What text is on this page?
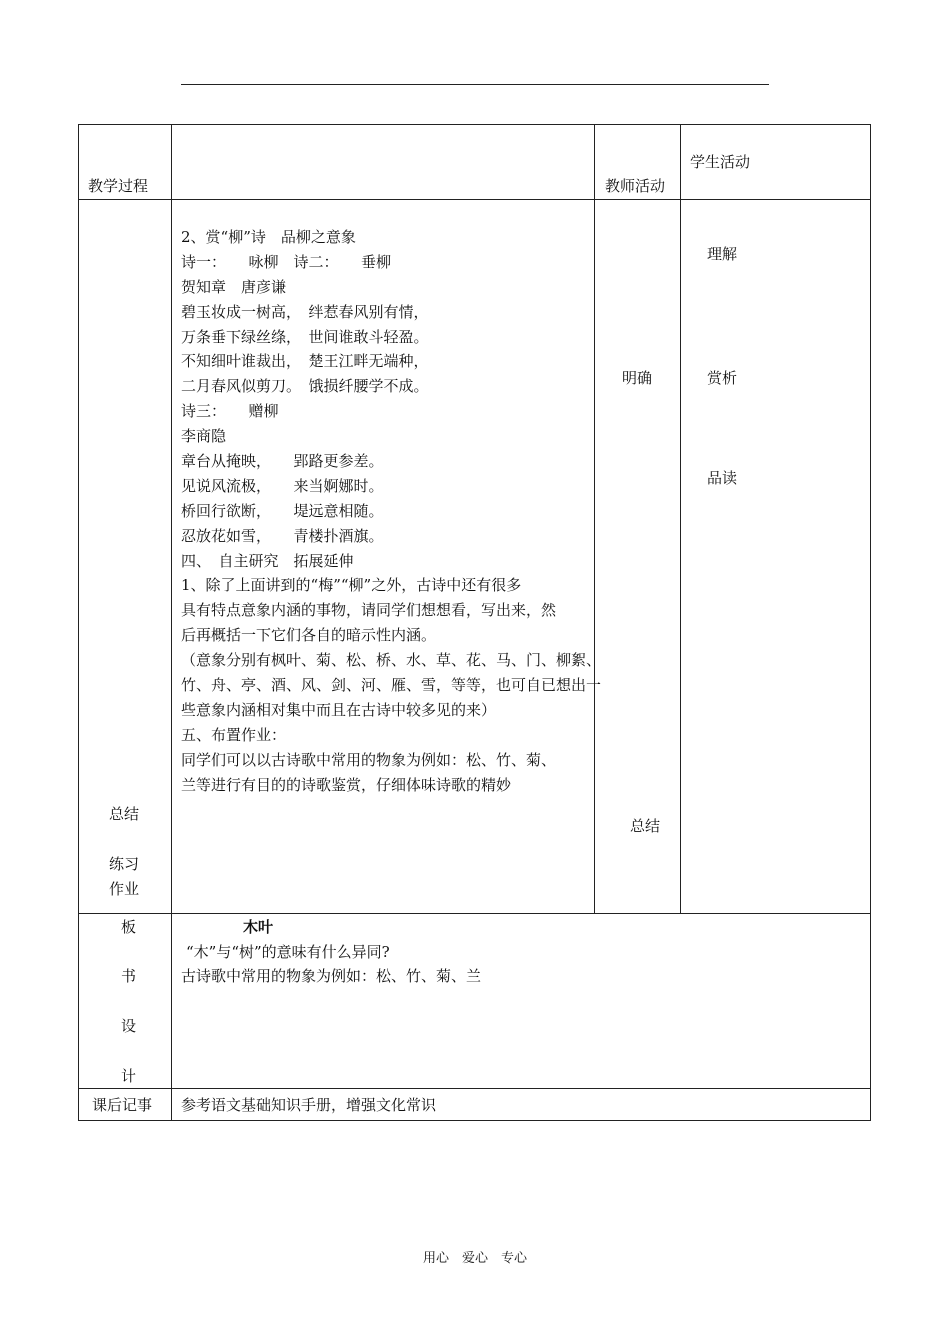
教学过程	教师活动
学生活动
总结
练习
作业
2、赏“柳”诗　品柳之意象
诗一：　　咏柳　诗二：　　垂柳
贺知章　唐彦谦
碧玉妆成一树高，　绊惹春风别有情，
万条垂下绿丝绦，　世间谁敢斗轻盈。
不知细叶谁裁出，　楚王江畔无端种，
二月春风似剪刀。　饿损纤腰学不成。
诗三：　　赠柳
李商隐
章台从掩映，　　郢路更参差。
见说风流极，　　来当婀娜时。
桥回行欲断，　　堤远意相随。
忍放花如雪，　　青楼扑酒旗。
四、　自主研究　拓展延伸
1、除了上面讲到的“梅”“柳”之外，古诗中还有很多
具有特点意象内涵的事物，请同学们想想看，写出来，然
后再概括一下它们各自的暗示性内涵。
（意象分别有枫叶、菊、松、桥、水、草、花、马、门、柳絮、
竹、舟、亭、酒、风、剑、河、雁、雪，等等，也可自已想出一
些意象内涵相对集中而且在古诗中较多见的来）
五、布置作业：
同学们可以以古诗歌中常用的物象为例如：松、竹、菊、
兰等进行有目的的诗歌鉴赏，仔细体味诗歌的精妙
明确
总结
理解
赏析
品读
板
书
设
计
木叶
“木”与“树”的意味有什么异同?
古诗歌中常用的物象为例如：松、竹、菊、兰
课后记事 参考语文基础知识手册，增强文化常识
用心　爱心　专心
